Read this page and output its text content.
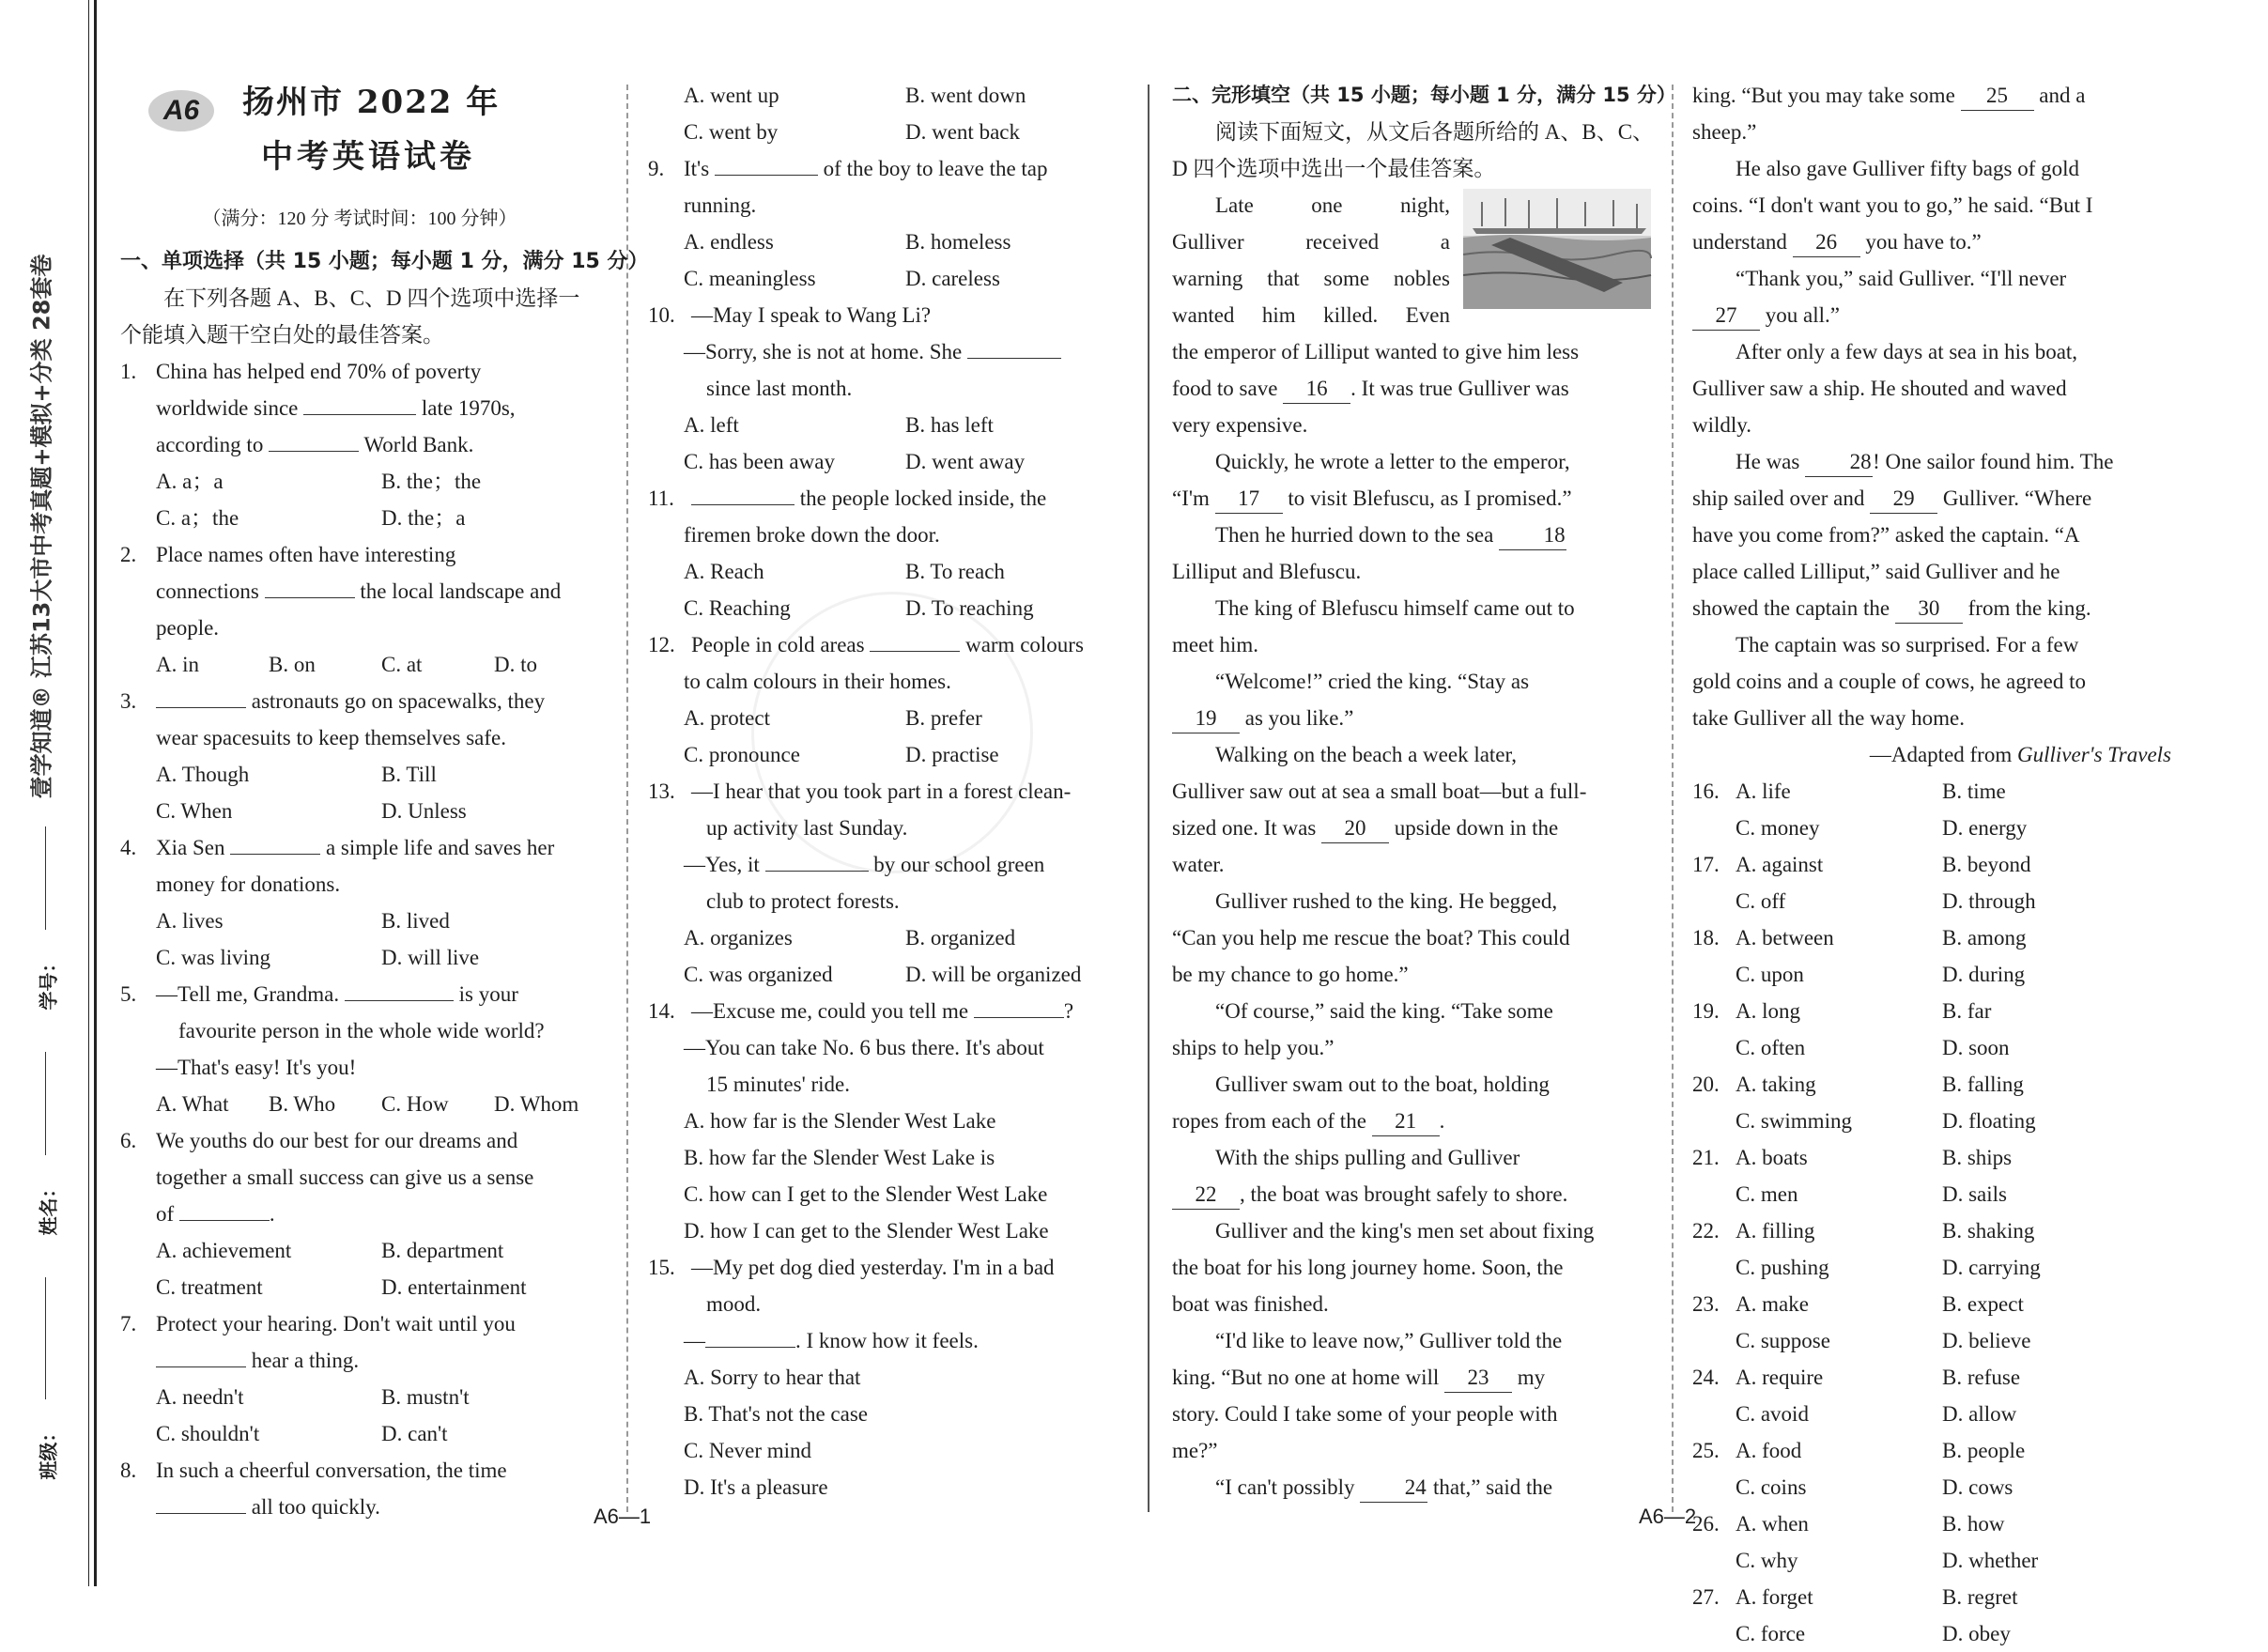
壹学知道® 江苏13大市中考真题+模拟+分类 28套卷
学号：
姓名：
班级：
A6	扬州市 2022 年
中考英语试卷
（满分：120 分 考试时间：100 分钟）
一、单项选择（共 15 小题；每小题 1 分，满分 15 分）
在下列各题 A、B、C、D 四个选项中选择一
个能填入题干空白处的最佳答案。
1. China has helped end 70% of poverty
worldwide since	late 1970s,
according to	World Bank.
A. a；a	B. the；the
C. a；the	D. the；a
2. Place names often have interesting
connections	the local landscape and
people.
A. in	B. on	C. at	D. to
3.	astronauts go on spacewalks, they
wear spacesuits to keep themselves safe.
A. Though	B. Till
C. When	D. Unless
4. Xia Sen	a simple life and saves her
money for donations.
A. lives	B. lived
C. was living	D. will live
5. —Tell me, Grandma.	is your
favourite person in the whole wide world?
—That's easy! It's you!
A. What	B. Who	C. How	D. Whom
6. We youths do our best for our dreams and
together a small success can give us a sense
of	.
A. achievement	B. department
C. treatment	D. entertainment
7. Protect your hearing. Don't wait until you
hear a thing.
A. needn't	B. mustn't
C. shouldn't	D. can't
8. In such a cheerful conversation, the time
all too quickly.
A. went up	B. went down
C. went by	D. went back
9. It's	of the boy to leave the tap
running.
A. endless	B. homeless
C. meaningless	D. careless
10. —May I speak to Wang Li?
—Sorry, she is not at home. She
since last month.
A. left	B. has left
C. has been away	D. went away
11.	the people locked inside, the
firemen broke down the door.
A. Reach	B. To reach
C. Reaching	D. To reaching
12. People in cold areas	warm colours
to calm colours in their homes.
A. protect	B. prefer
C. pronounce	D. practise
13. —I hear that you took part in a forest clean-
up activity last Sunday.
—Yes, it	by our school green
club to protect forests.
A. organizes	B. organized
C. was organized	D. will be organized
14. —Excuse me, could you tell me	?
—You can take No. 6 bus there. It's about
15 minutes' ride.
A. how far is the Slender West Lake
B. how far the Slender West Lake is
C. how can I get to the Slender West Lake
D. how I can get to the Slender West Lake
15. —My pet dog died yesterday. I'm in a bad
mood.
—	. I know how it feels.
A. Sorry to hear that
B. That's not the case
C. Never mind
D. It's a pleasure
二、完形填空（共 15 小题；每小题 1 分，满分 15 分）
阅读下面短文，从文后各题所给的 A、B、C、
D 四个选项中选出一个最佳答案。
Late one night,
Gulliver received a
warning that some nobles
wanted him killed. Even
the emperor of Lilliput wanted to give him less
food to save 16 . It was true Gulliver was
very expensive.
Quickly, he wrote a letter to the emperor,
“I'm 17 to visit Blefuscu, as I promised.”
Then he hurried down to the sea 18
Lilliput and Blefuscu.
The king of Blefuscu himself came out to
meet him.
“Welcome!” cried the king. “Stay as
19 as you like.”
Walking on the beach a week later,
Gulliver saw out at sea a small boat—but a full-
sized one. It was 20 upside down in the
water.
Gulliver rushed to the king. He begged,
“Can you help me rescue the boat? This could
be my chance to go home.”
“Of course,” said the king. “Take some
ships to help you.”
Gulliver swam out to the boat, holding
ropes from each of the 21 .
With the ships pulling and Gulliver
22 , the boat was brought safely to shore.
Gulliver and the king's men set about fixing
the boat for his long journey home. Soon, the
boat was finished.
“I'd like to leave now,” Gulliver told the
king. “But no one at home will 23 my
story. Could I take some of your people with
me?”
“I can't possibly 24 that,” said the
king. “But you may take some 25 and a
sheep.”
He also gave Gulliver fifty bags of gold
coins. “I don't want you to go,” he said. “But I
understand 26 you have to.”
“Thank you,” said Gulliver. “I'll never
27 you all.”
After only a few days at sea in his boat,
Gulliver saw a ship. He shouted and waved
wildly.
He was 28! One sailor found him. The
ship sailed over and 29 Gulliver. “Where
have you come from?” asked the captain. “A
place called Lilliput,” said Gulliver and he
showed the captain the 30 from the king.
The captain was so surprised. For a few
gold coins and a couple of cows, he agreed to
take Gulliver all the way home.
—Adapted from Gulliver's Travels
16. A. life	B. time
C. money	D. energy
17. A. against	B. beyond
C. off	D. through
18. A. between	B. among
C. upon	D. during
19. A. long	B. far
C. often	D. soon
20. A. taking	B. falling
C. swimming	D. floating
21. A. boats	B. ships
C. men	D. sails
22. A. filling	B. shaking
C. pushing	D. carrying
23. A. make	B. expect
C. suppose	D. believe
24. A. require	B. refuse
C. avoid	D. allow
25. A. food	B. people
C. coins	D. cows
26. A. when	B. how
C. why	D. whether
27. A. forget	B. regret
C. force	D. obey
A6—1	A6—2
